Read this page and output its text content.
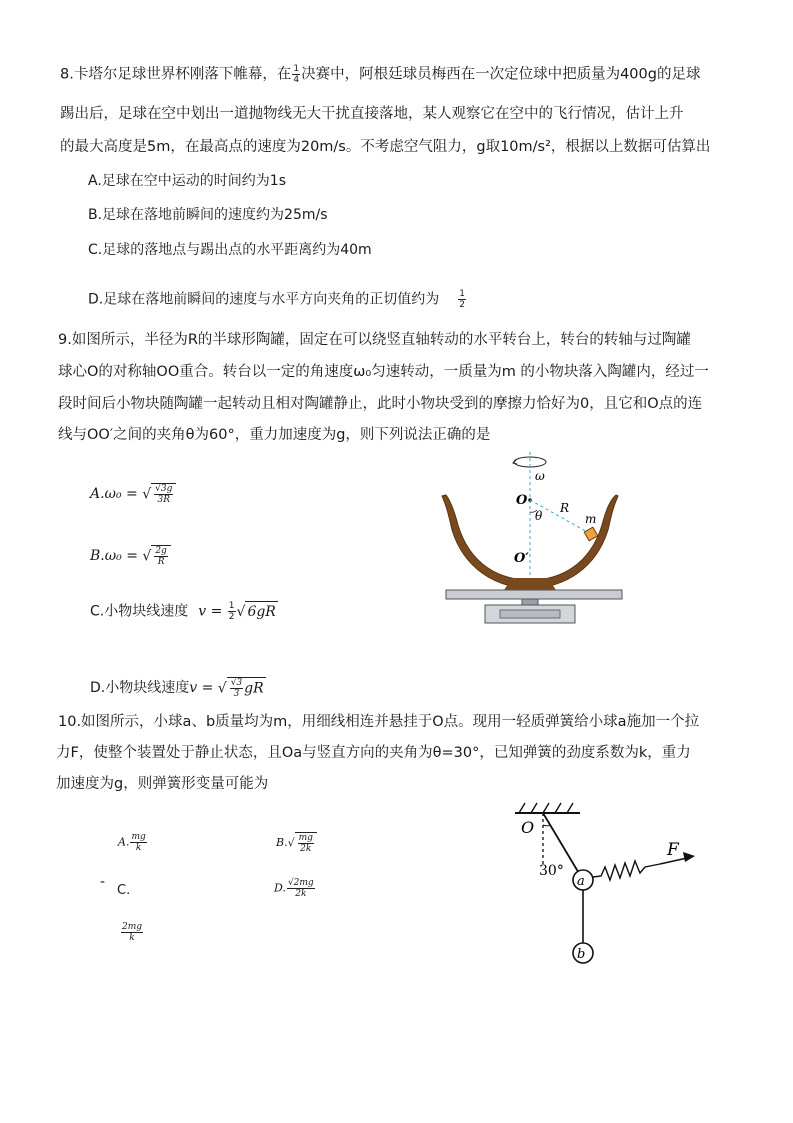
8.卡塔尔足球世界杯刚落下帷幕，在 $\frac{1}{4}$ 决赛中，阿根廷球员梅西在一次定位球中把质量为400g的足球
踢出后，足球在空中划出一道抛物线无大干扰直接落地，某人观察它在空中的飞行情况，估计上升
的最大高度是5m，在最高点的速度为20m/s。不考虑空气阻力，g取10m/s²，根据以上数据可估算出
A.足球在空中运动的时间约为1s
B.足球在落地前瞬间的速度约为25m/s
C.足球的落地点与踢出点的水平距离约为40m
D.足球在落地前瞬间的速度与水平方向夹角的正切值约为 $\frac{1}{2}$
9.如图所示，半径为R的半球形陶罐，固定在可以绕竖直轴转动的水平转台上，转台的转轴与过陶罐
球心O的对称轴OO重合。转台以一定的角速度ω₀匀速转动，一质量为m 的小物块落入陶罐内，经过一
段时间后小物块随陶罐一起转动且相对陶罐静止，此时小物块受到的摩擦力恰好为0，且它和O点的连
线与OO′之间的夹角θ为60°，重力加速度为g，则下列说法正确的是
A.ω₀ = √ $\frac{√3g}{3R}$
B.ω₀ = √ $\frac{2g}{R}$
C.小物块线速度 $v = \frac{1}{2}$ √ 6gR
D.小物块线速度v = √ $\frac{√3}{3}$ gR
ω
O	R
θ	m
O′
10.如图所示，小球a、b质量均为m，用细线相连并悬挂于O点。现用一轻质弹簧给小球a施加一个拉
力F，使整个装置处于静止状态，且Oa与竖直方向的夹角为θ=30°，已知弹簧的劲度系数为k，重力
加速度为g，则弹簧形变量可能为
A. $\frac{mg}{k}$	$B.√ \frac{mg}{2k}$
-
C.
$\frac{2mg}{k}$
D. $\frac{√2mg}{2k}$
O
30°
a
F
b
